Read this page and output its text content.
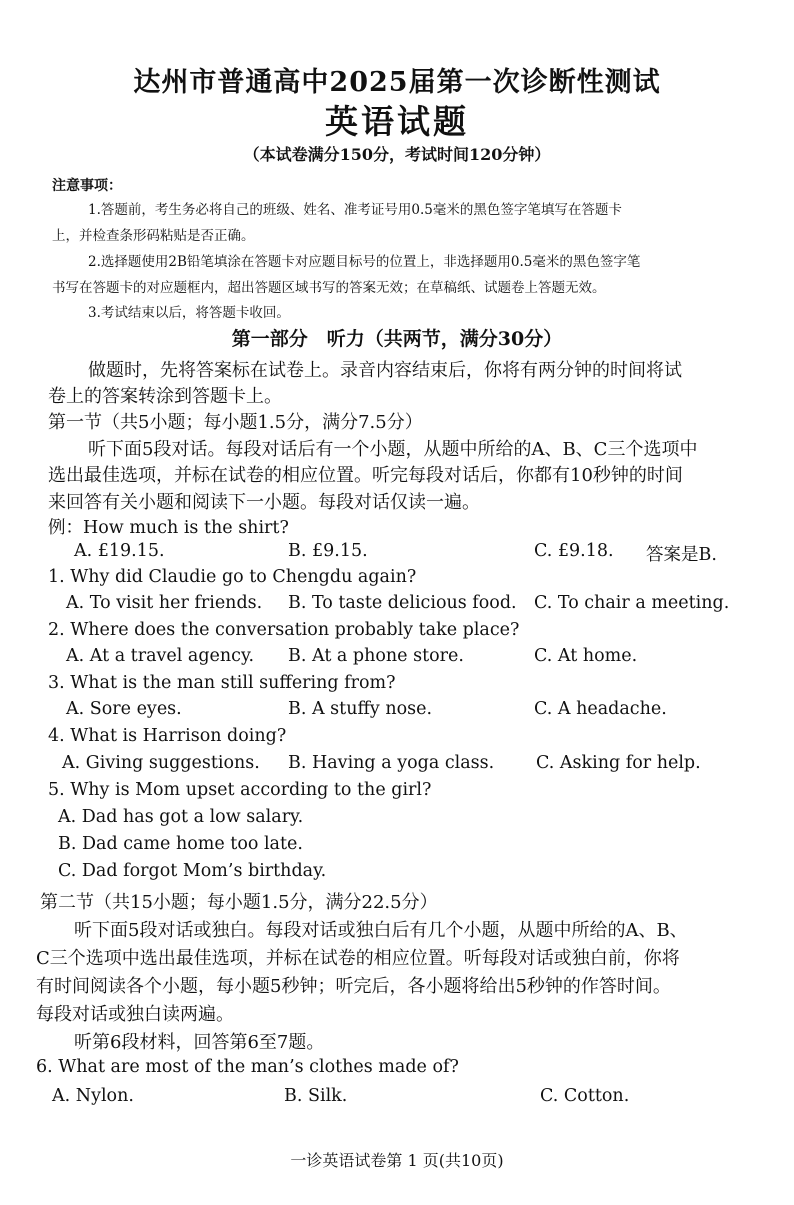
达州市普通高中2025届第一次诊断性测试
英语试题
（本试卷满分150分，考试时间120分钟）
注意事项：
1.答题前，考生务必将自己的班级、姓名、准考证号用0.5毫米的黑色签字笔填写在答题卡
上，并检查条形码粘贴是否正确。
2.选择题使用2B铅笔填涂在答题卡对应题目标号的位置上，非选择题用0.5毫米的黑色签字笔
书写在答题卡的对应题框内，超出答题区域书写的答案无效；在草稿纸、试题卷上答题无效。
3.考试结束以后，将答题卡收回。
第一部分　听力（共两节，满分30分）
做题时，先将答案标在试卷上。录音内容结束后，你将有两分钟的时间将试
卷上的答案转涂到答题卡上。
第一节（共5小题；每小题1.5分，满分7.5分）
听下面5段对话。每段对话后有一个小题，从题中所给的A、B、C三个选项中
选出最佳选项，并标在试卷的相应位置。听完每段对话后，你都有10秒钟的时间
来回答有关小题和阅读下一小题。每段对话仅读一遍。
例：How much is the shirt?
A. £19.15.	B. £9.15.	C. £9.18. 答案是B.
1. Why did Claudie go to Chengdu again?
A. To visit her friends. B. To taste delicious food. C. To chair a meeting.
2. Where does the conversation probably take place?
A. At a travel agency. B. At a phone store.	C. At home.
3. What is the man still suffering from?
A. Sore eyes.	B. A stuffy nose.	C. A headache.
4. What is Harrison doing?
A. Giving suggestions. B. Having a yoga class. C. Asking for help.
5. Why is Mom upset according to the girl?
A. Dad has got a low salary.
B. Dad came home too late.
C. Dad forgot Mom’s birthday.
第二节（共15小题；每小题1.5分，满分22.5分）
听下面5段对话或独白。每段对话或独白后有几个小题，从题中所给的A、B、
C三个选项中选出最佳选项，并标在试卷的相应位置。听每段对话或独白前，你将
有时间阅读各个小题，每小题5秒钟；听完后，各小题将给出5秒钟的作答时间。
每段对话或独白读两遍。
听第6段材料，回答第6至7题。
6. What are most of the man’s clothes made of?
A. Nylon.	B. Silk.	C. Cotton.
一诊英语试卷第 1 页(共10页)
